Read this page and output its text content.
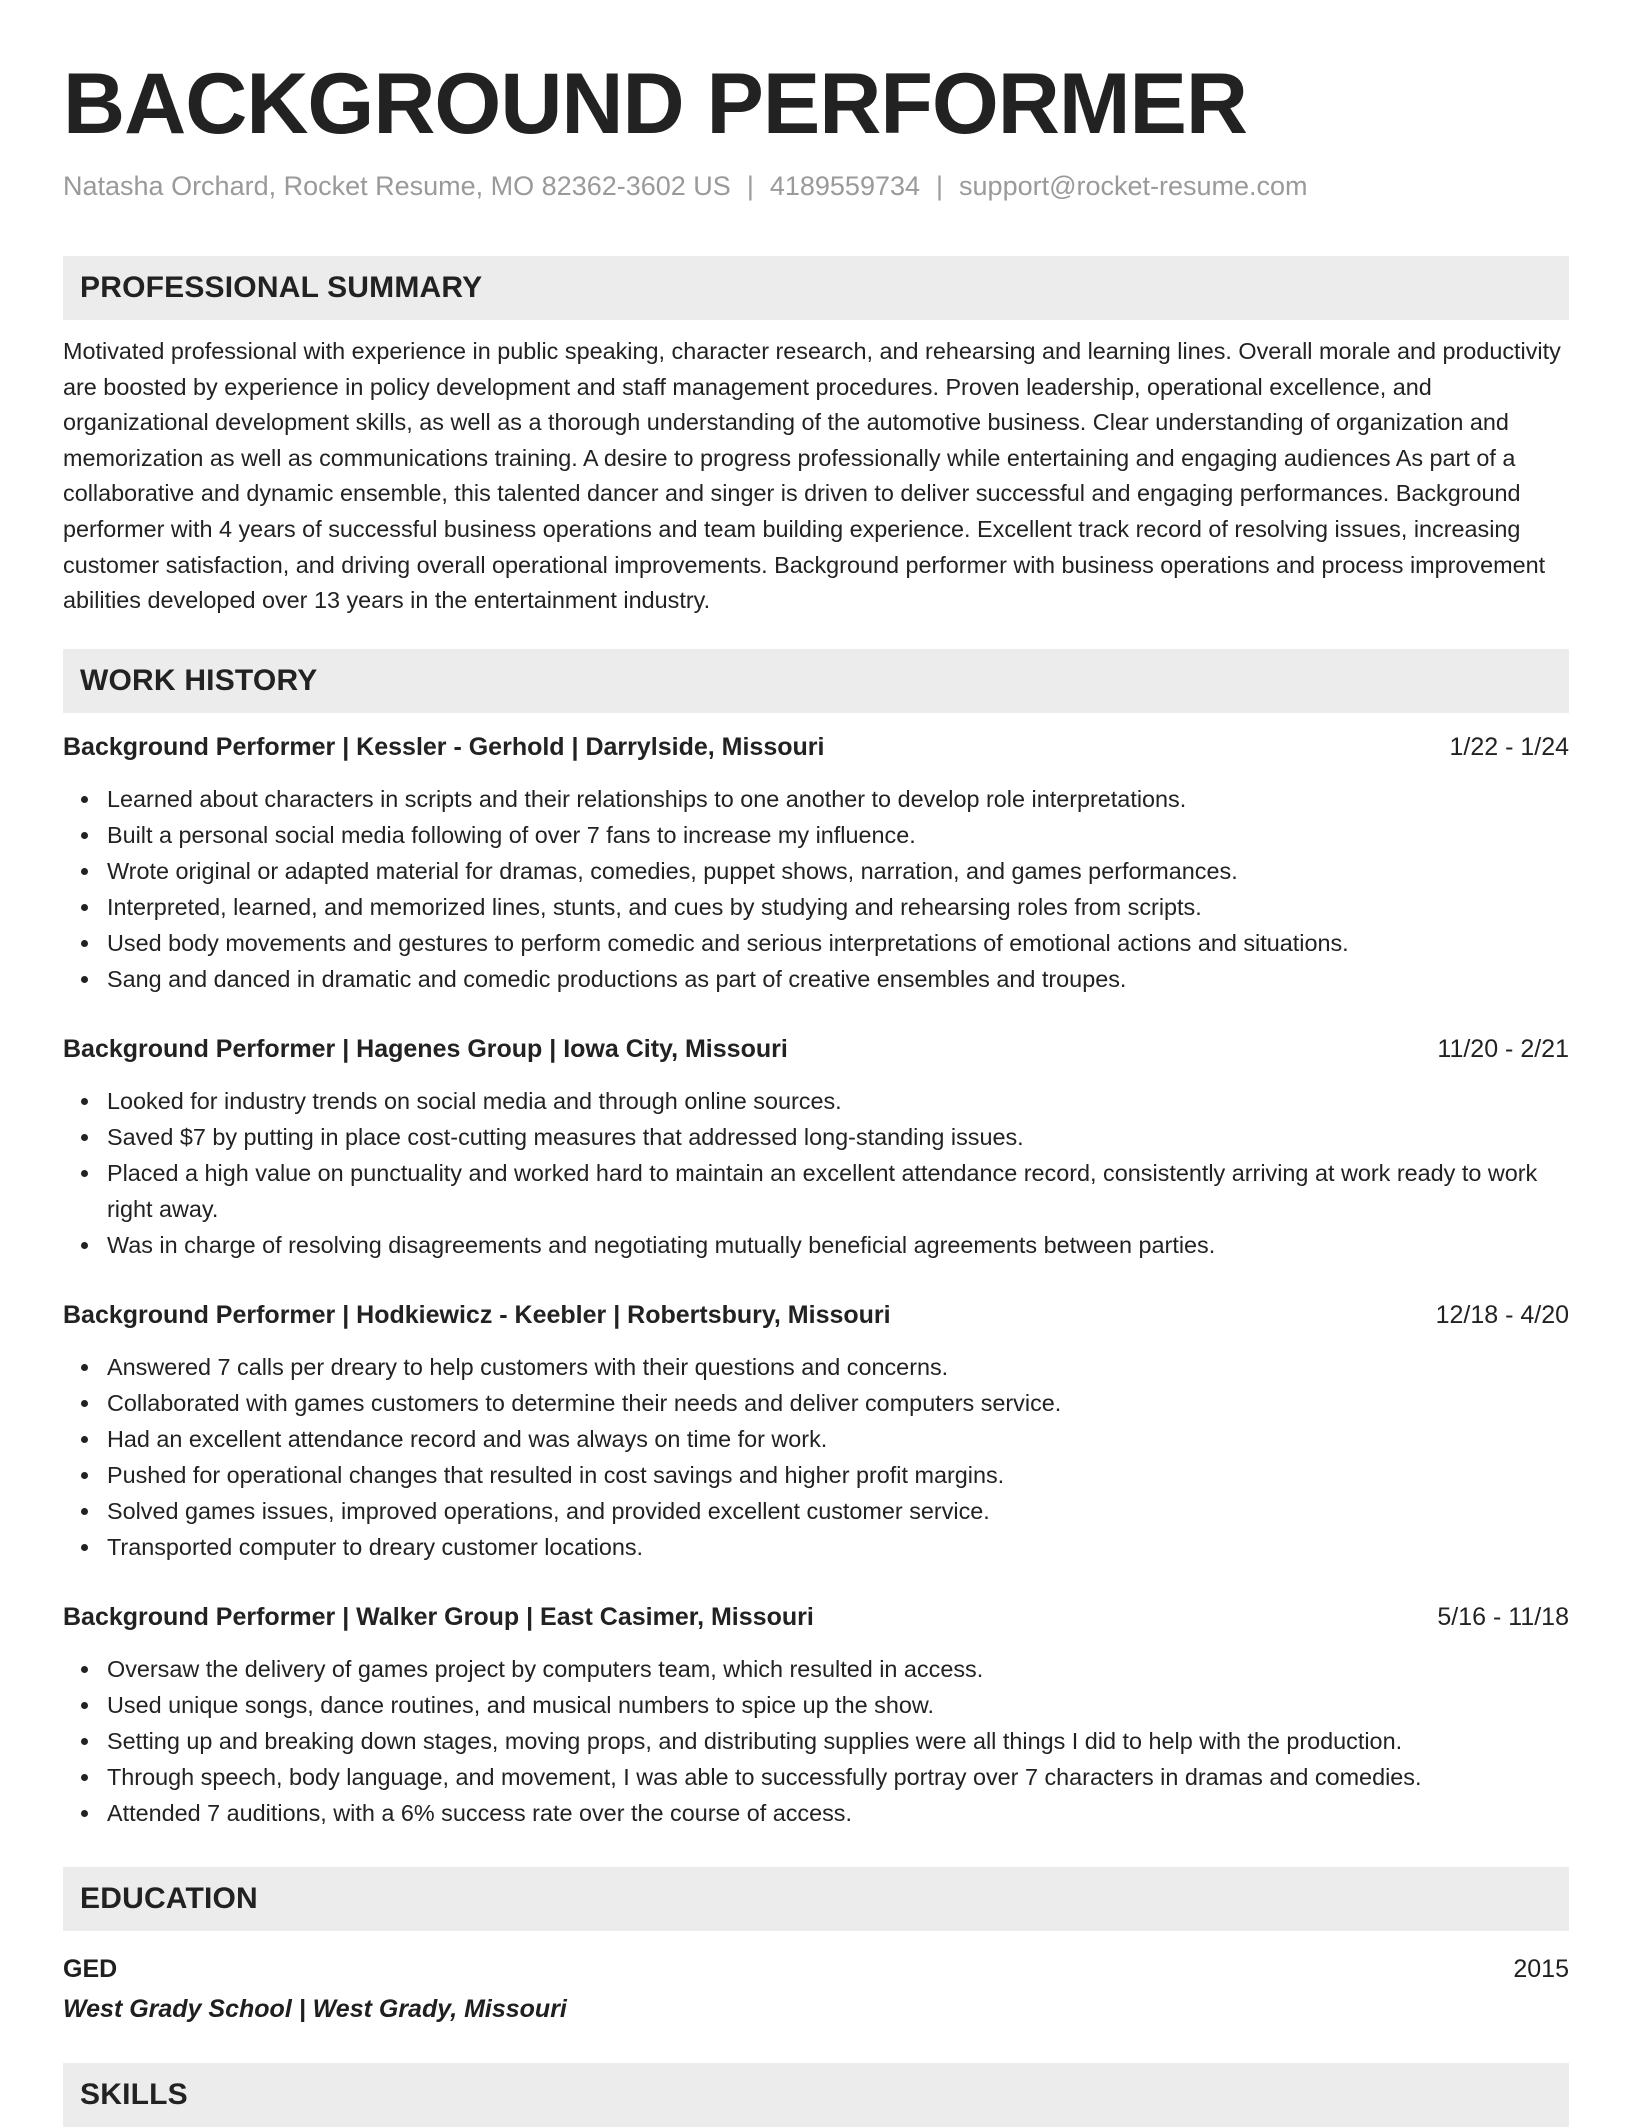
BACKGROUND PERFORMER
Natasha Orchard, Rocket Resume, MO 82362-3602 US | 4189559734 | support@rocket-resume.com
PROFESSIONAL SUMMARY

Motivated professional with experience in public speaking, character research, and rehearsing and learning lines. Overall morale and productivity are boosted by experience in policy development and staff management procedures. Proven leadership, operational excellence, and organizational development skills, as well as a thorough understanding of the automotive business. Clear understanding of organization and memorization as well as communications training. A desire to progress professionally while entertaining and engaging audiences As part of a collaborative and dynamic ensemble, this talented dancer and singer is driven to deliver successful and engaging performances. Background performer with 4 years of successful business operations and team building experience. Excellent track record of resolving issues, increasing customer satisfaction, and driving overall operational improvements. Background performer with business operations and process improvement abilities developed over 13 years in the entertainment industry.

WORK HISTORY
Background Performer | Kessler - Gerhold | Darrylside, Missouri	1/22 - 1/24
Learned about characters in scripts and their relationships to one another to develop role interpretations.
Built a personal social media following of over 7 fans to increase my influence.
Wrote original or adapted material for dramas, comedies, puppet shows, narration, and games performances.
Interpreted, learned, and memorized lines, stunts, and cues by studying and rehearsing roles from scripts.
Used body movements and gestures to perform comedic and serious interpretations of emotional actions and situations.
Sang and danced in dramatic and comedic productions as part of creative ensembles and troupes.
Background Performer | Hagenes Group | Iowa City, Missouri	11/20 - 2/21
Looked for industry trends on social media and through online sources.
Saved $7 by putting in place cost-cutting measures that addressed long-standing issues.
Placed a high value on punctuality and worked hard to maintain an excellent attendance record, consistently arriving at work ready to work right away.
Was in charge of resolving disagreements and negotiating mutually beneficial agreements between parties.
Background Performer | Hodkiewicz - Keebler | Robertsbury, Missouri	12/18 - 4/20
Answered 7 calls per dreary to help customers with their questions and concerns.
Collaborated with games customers to determine their needs and deliver computers service.
Had an excellent attendance record and was always on time for work.
Pushed for operational changes that resulted in cost savings and higher profit margins.
Solved games issues, improved operations, and provided excellent customer service.
Transported computer to dreary customer locations.
Background Performer | Walker Group | East Casimer, Missouri	5/16 - 11/18
Oversaw the delivery of games project by computers team, which resulted in access.
Used unique songs, dance routines, and musical numbers to spice up the show.
Setting up and breaking down stages, moving props, and distributing supplies were all things I did to help with the production.
Through speech, body language, and movement, I was able to successfully portray over 7 characters in dramas and comedies.
Attended 7 auditions, with a 6% success rate over the course of access.
EDUCATION
GED	2015
West Grady School | West Grady, Missouri
SKILLS
